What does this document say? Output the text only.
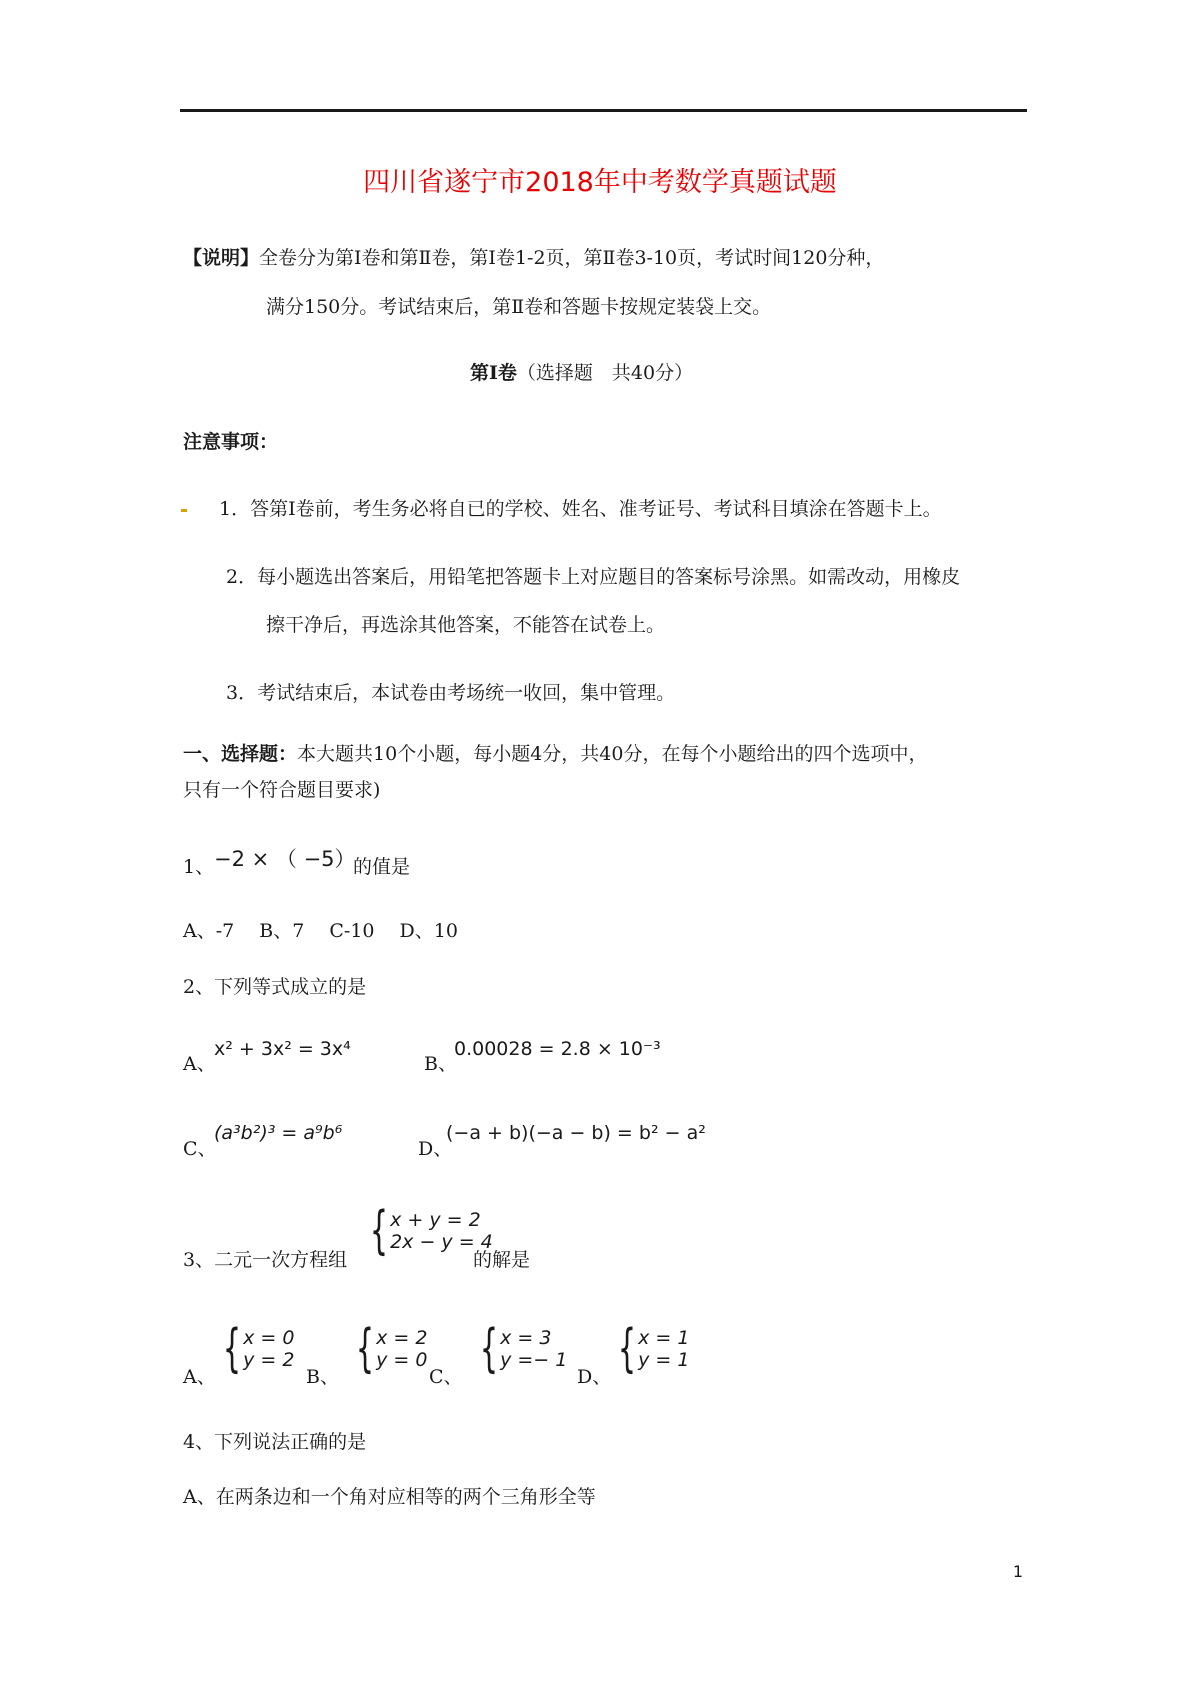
四川省遂宁市2018年中考数学真题试题
【说明】全卷分为第Ⅰ卷和第Ⅱ卷，第Ⅰ卷1-2页，第Ⅱ卷3-10页，考试时间120分种，
满分150分。考试结束后，第Ⅱ卷和答题卡按规定装袋上交。
第Ⅰ卷（选择题　共40分）
注意事项：
1．答第Ⅰ卷前，考生务必将自已的学校、姓名、准考证号、考试科目填涂在答题卡上。
2．每小题选出答案后，用铅笔把答题卡上对应题目的答案标号涂黑。如需改动，用橡皮
擦干净后，再选涂其他答案，不能答在试卷上。
3．考试结束后，本试卷由考场统一收回，集中管理。
一、选择题：本大题共10个小题，每小题4分，共40分，在每个小题给出的四个选项中，
只有一个符合题目要求)
1、 −2 × （ −5）
的值是
A、-7　 B、7　 C-10　 D、10
2、下列等式成立的是
A、
x² + 3x² = 3x⁴
B、
0.00028 = 2.8 × 10⁻³
C、
(a³b²)³ = a⁹b⁶
D、
(−a + b)(−a − b) = b² − a²
3、二元一次方程组 { x + y = 2
2x − y = 4
的解是
A、 { x = 0
y = 2
B、 { x = 2
y = 0
C、 { x = 3
y =− 1
D、 { x = 1
y = 1
4、下列说法正确的是
A、在两条边和一个角对应相等的两个三角形全等
1
